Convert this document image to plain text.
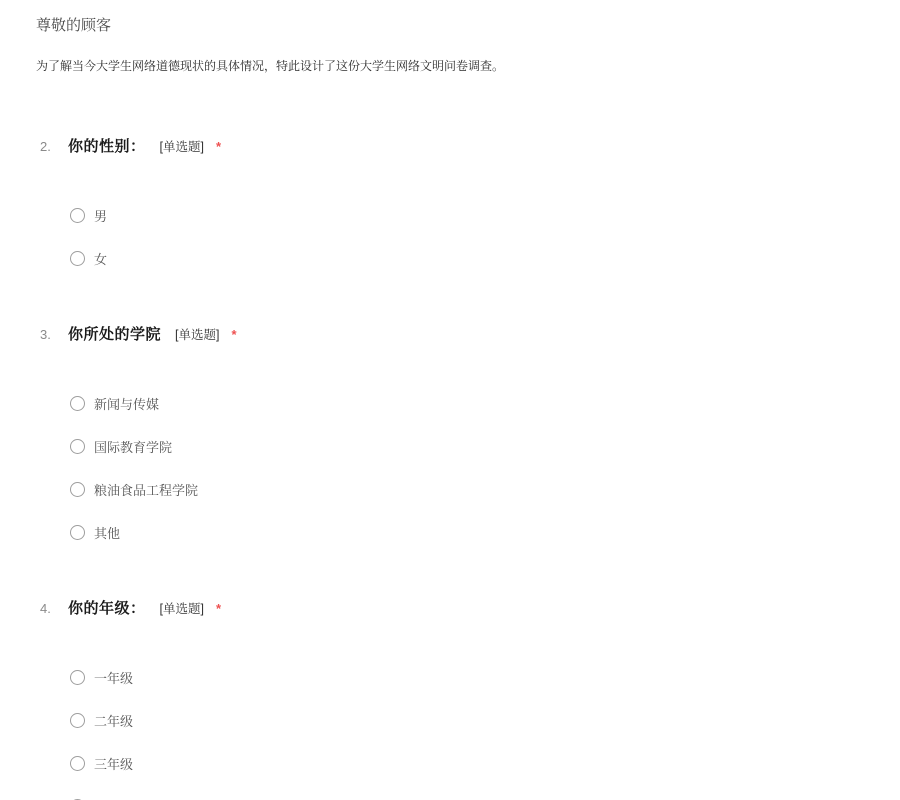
尊敬的顾客
为了解当今大学生网络道德现状的具体情况，特此设计了这份大学生网络文明问卷调查。
2.	你的性别： [单选题] *
男
女
3.	你所处的学院 [单选题] *
新闻与传媒
国际教育学院
粮油食品工程学院
其他
4.	你的年级： [单选题] *
一年级
二年级
三年级
